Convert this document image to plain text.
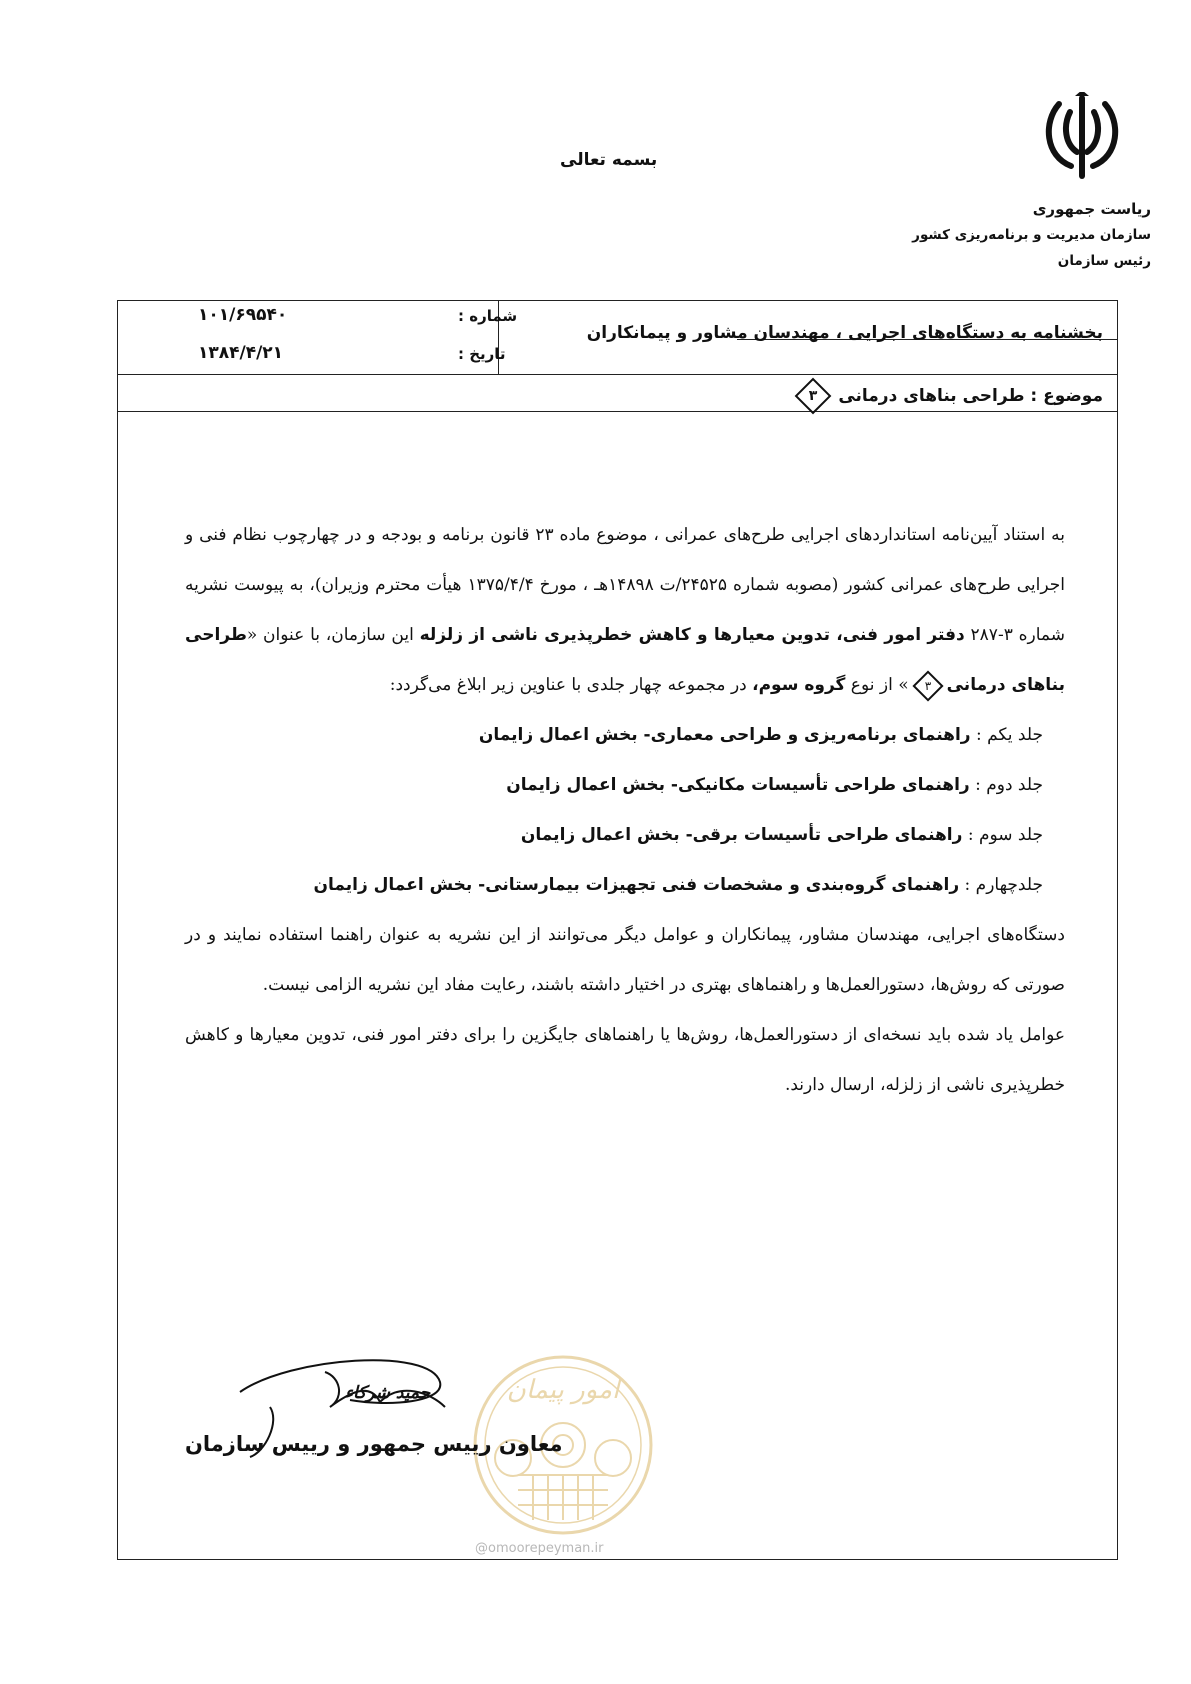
بسمه تعالی
ریاست جمهوری
سازمان مدیریت و برنامه‌ریزی کشور
رئیس سازمان
بخشنامه به دستگاه‌های اجرایی ، مهندسان مشاور و پیمانکاران
شماره :
۱۰۱/۶۹۵۴۰
تاریخ :
۱۳۸۴/۴/۲۱
موضوع : طراحی بناهای درمانی
۳

به استناد آیین‌نامه استانداردهای اجرایی طرح‌های عمرانی ، موضوع ماده ۲۳ قانون برنامه و بودجه و در چهارچوب نظام فنی و اجرایی طرح‌های عمرانی کشور (مصوبه شماره ۲۴۵۲۵/ت ۱۴۸۹۸هـ ، مورخ ۱۳۷۵/۴/۴ هیأت محترم وزیران)، به پیوست نشریه شماره ۳-۲۸۷ دفتر امور فنی، تدوین معیارها و کاهش خطرپذیری ناشی از زلزله این سازمان، با عنوان «طراحی بناهای درمانی
۳
» از نوع گروه سوم، در مجموعه چهار جلدی با عناوین زیر ابلاغ می‌گردد:

جلد یکم : راهنمای برنامه‌ریزی و طراحی معماری- بخش اعمال زایمان

جلد دوم : راهنمای طراحی تأسیسات مکانیکی- بخش اعمال زایمان

جلد سوم : راهنمای طراحی تأسیسات برقی- بخش اعمال زایمان

جلدچهارم : راهنمای گروه‌بندی و مشخصات فنی تجهیزات بیمارستانی- بخش اعمال زایمان

دستگاه‌های اجرایی، مهندسان مشاور، پیمانکاران و عوامل دیگر می‌توانند از این نشریه به عنوان راهنما استفاده نمایند و در صورتی که روش‌ها، دستورالعمل‌ها و راهنماهای بهتری در اختیار داشته باشند، رعایت مفاد این نشریه الزامی نیست.

عوامل یاد شده باید نسخه‌ای از دستورالعمل‌ها، روش‌ها یا راهنماهای جایگزین را برای دفتر امور فنی، تدوین معیارها و کاهش خطرپذیری ناشی از زلزله، ارسال دارند.

امور پیمان
حمید شرکاء
معاون رییس جمهور و رییس سازمان
@omoorepeyman.ir
